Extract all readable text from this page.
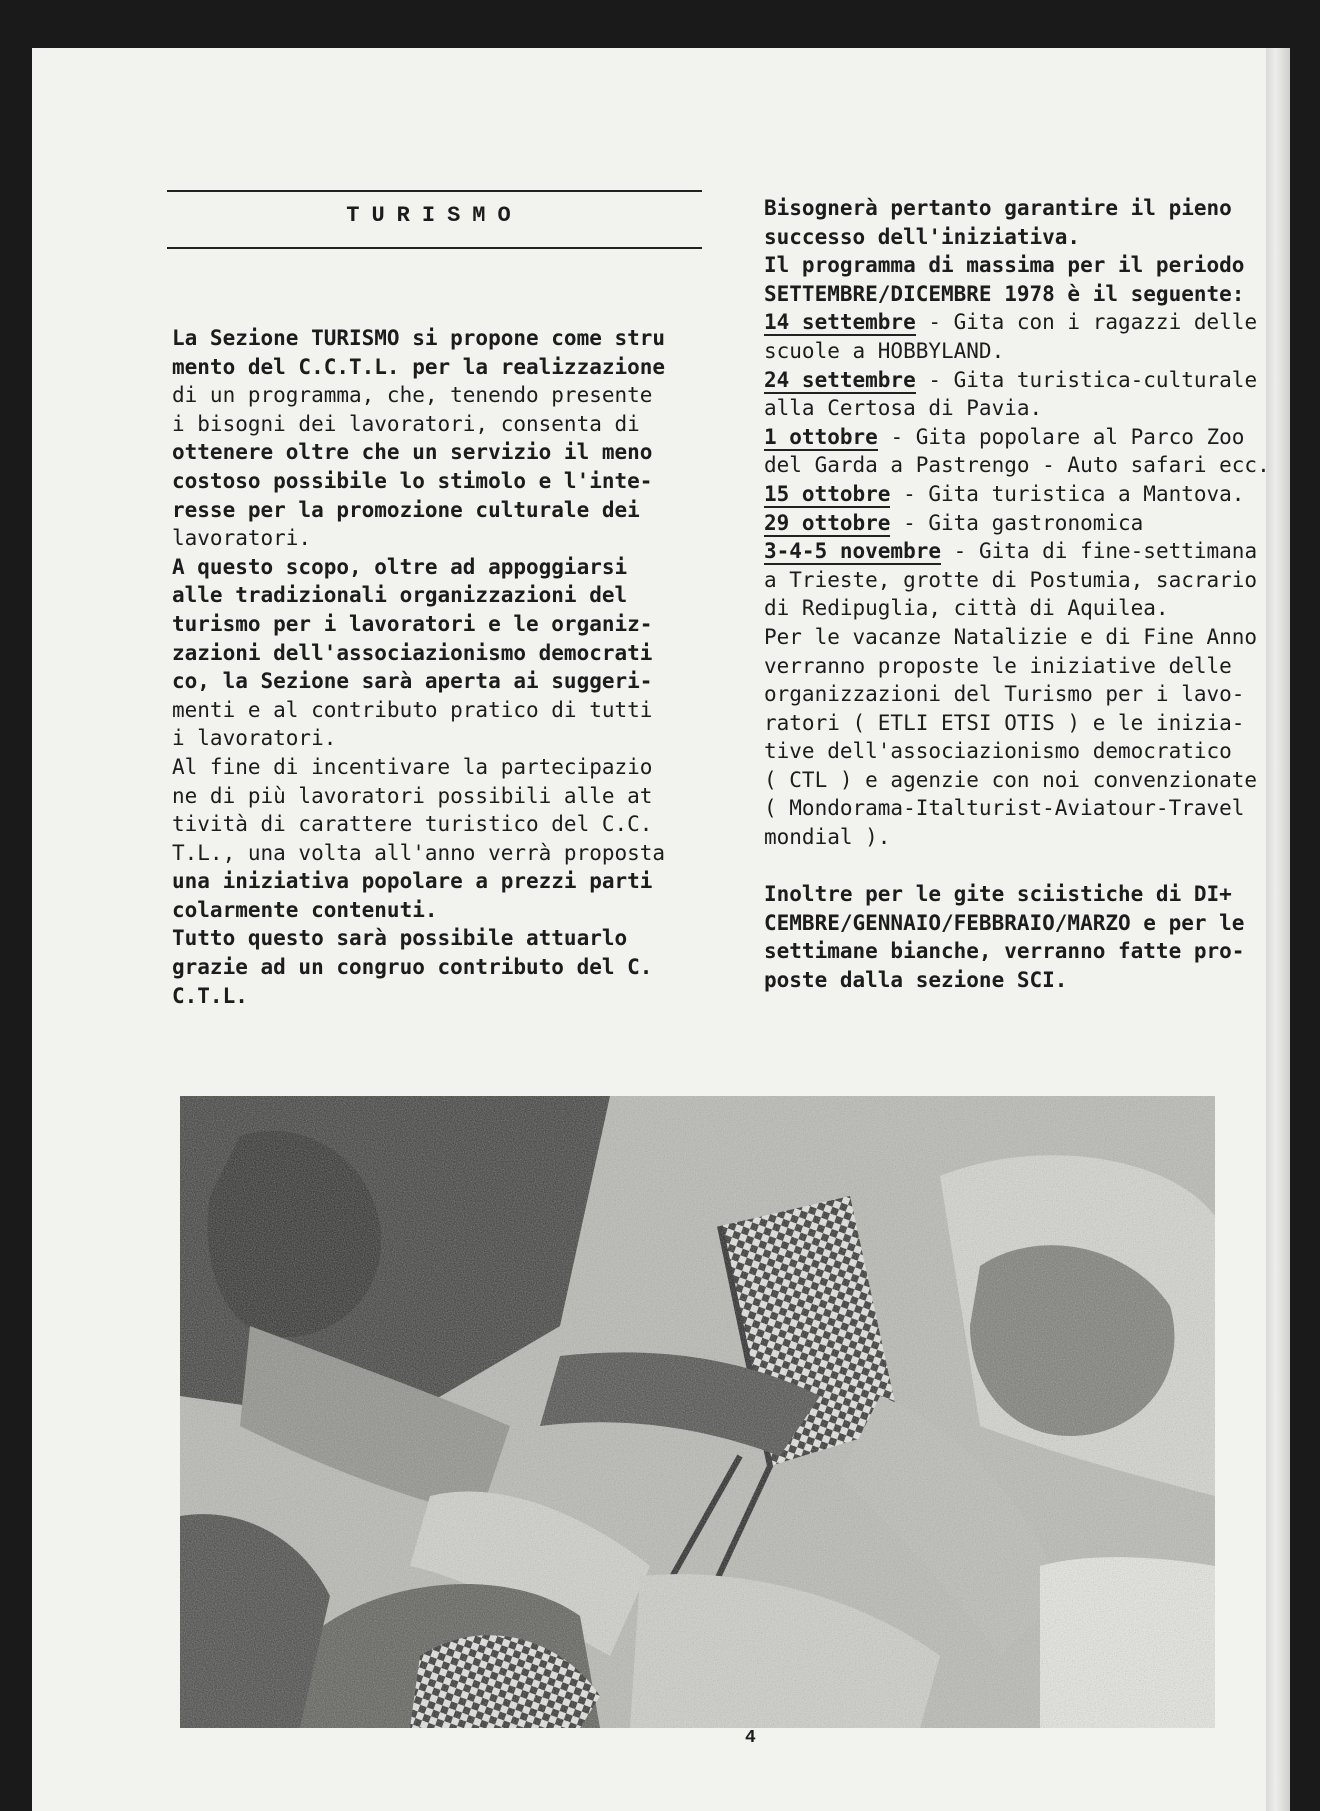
TURISMO
La Sezione TURISMO si propone come stru
mento del C.C.T.L. per la realizzazione
di un programma, che, tenendo presente
i bisogni dei lavoratori, consenta di
ottenere oltre che un servizio il meno
costoso possibile lo stimolo e l'inte-
resse per la promozione culturale dei
lavoratori.
A questo scopo, oltre ad appoggiarsi
alle tradizionali organizzazioni del
turismo per i lavoratori e le organiz-
zazioni dell'associazionismo democrati
co, la Sezione sarà aperta ai suggeri-
menti e al contributo pratico di tutti
i lavoratori.
Al fine di incentivare la partecipazio
ne di più lavoratori possibili alle at
tività di carattere turistico del C.C.
T.L., una volta all'anno verrà proposta
una iniziativa popolare a prezzi parti
colarmente contenuti.
Tutto questo sarà possibile attuarlo
grazie ad un congruo contributo del C.
C.T.L.
Bisognerà pertanto garantire il pieno
successo dell'iniziativa.
Il programma di massima per il periodo
SETTEMBRE/DICEMBRE 1978 è il seguente:
14 settembre - Gita con i ragazzi delle
scuole a HOBBYLAND.
24 settembre - Gita turistica-culturale
alla Certosa di Pavia.
1 ottobre - Gita popolare al Parco Zoo
del Garda a Pastrengo - Auto safari ecc.
15 ottobre - Gita turistica a Mantova.
29 ottobre - Gita gastronomica
3-4-5 novembre - Gita di fine-settimana
a Trieste, grotte di Postumia, sacrario
di Redipuglia, città di Aquilea.
Per le vacanze Natalizie e di Fine Anno
verranno proposte le iniziative delle
organizzazioni del Turismo per i lavo-
ratori ( ETLI ETSI OTIS ) e le inizia-
tive dell'associazionismo democratico
( CTL ) e agenzie con noi convenzionate
( Mondorama-Italturist-Aviatour-Travel
mondial ).

Inoltre per le gite sciistiche di DI+
CEMBRE/GENNAIO/FEBBRAIO/MARZO e per le
settimane bianche, verranno fatte pro-
poste dalla sezione SCI.
4
